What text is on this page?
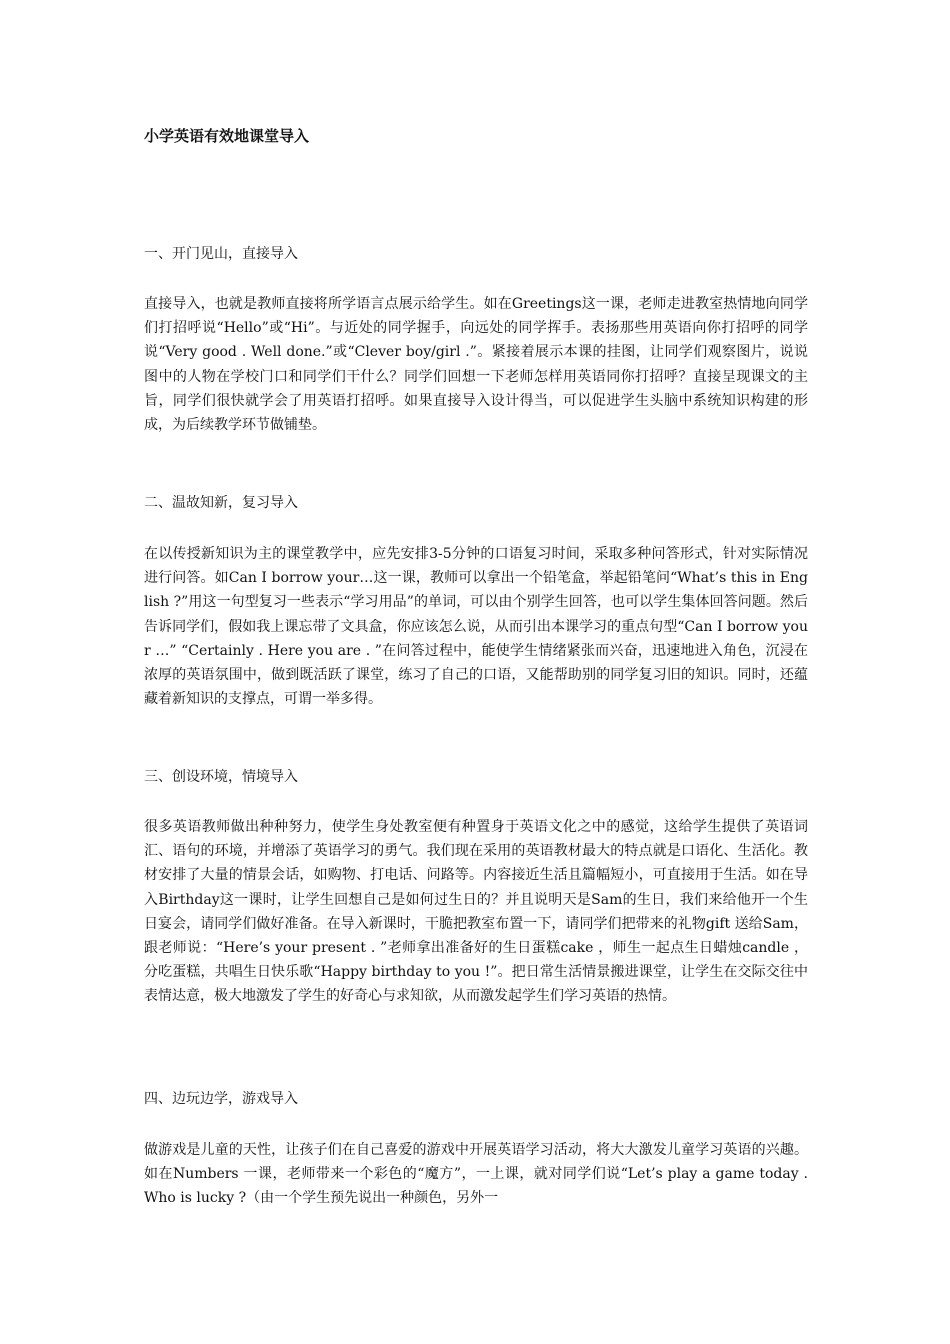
小学英语有效地课堂导入
一、开门见山，直接导入

直接导入，也就是教师直接将所学语言点展示给学生。如在Greetings这一课，老师走进教室热情地向同学们打招呼说“Hello”或“Hi”。与近处的同学握手，向远处的同学挥手。表扬那些用英语向你打招呼的同学说“Very good . Well done.”或“Clever boy/girl .”。紧接着展示本课的挂图，让同学们观察图片，说说图中的人物在学校门口和同学们干什么？同学们回想一下老师怎样用英语同你打招呼？直接呈现课文的主旨，同学们很快就学会了用英语打招呼。如果直接导入设计得当，可以促进学生头脑中系统知识构建的形成，为后续教学环节做铺垫。

二、温故知新，复习导入

在以传授新知识为主的课堂教学中，应先安排3-5分钟的口语复习时间，采取多种问答形式，针对实际情况进行问答。如Can I borrow your…这一课，教师可以拿出一个铅笔盒，举起铅笔问“What’s this in English ?”用这一句型复习一些表示“学习用品”的单词，可以由个别学生回答，也可以学生集体回答问题。然后告诉同学们，假如我上课忘带了文具盒，你应该怎么说，从而引出本课学习的重点句型“Can I borrow your …” “Certainly . Here you are . ”在问答过程中，能使学生情绪紧张而兴奋，迅速地进入角色，沉浸在浓厚的英语氛围中，做到既活跃了课堂，练习了自己的口语，又能帮助别的同学复习旧的知识。同时，还蕴藏着新知识的支撑点，可谓一举多得。

三、创设环境，情境导入

很多英语教师做出种种努力，使学生身处教室便有种置身于英语文化之中的感觉，这给学生提供了英语词汇、语句的环境，并增添了英语学习的勇气。我们现在采用的英语教材最大的特点就是口语化、生活化。教材安排了大量的情景会话，如购物、打电话、问路等。内容接近生活且篇幅短小，可直接用于生活。如在导入Birthday这一课时，让学生回想自己是如何过生日的？并且说明天是Sam的生日，我们来给他开一个生日宴会，请同学们做好准备。在导入新课时，干脆把教室布置一下，请同学们把带来的礼物gift 送给Sam，跟老师说：“Here’s your present . ”老师拿出准备好的生日蛋糕cake ，师生一起点生日蜡烛candle ，分吃蛋糕，共唱生日快乐歌“Happy birthday to you !”。把日常生活情景搬进课堂，让学生在交际交往中表情达意，极大地激发了学生的好奇心与求知欲，从而激发起学生们学习英语的热情。

四、边玩边学，游戏导入

做游戏是儿童的天性，让孩子们在自己喜爱的游戏中开展英语学习活动，将大大激发儿童学习英语的兴趣。如在Numbers 一课，老师带来一个彩色的“魔方”，一上课，就对同学们说“Let’s play a game today . Who is lucky ?（由一个学生预先说出一种颜色，另外一
